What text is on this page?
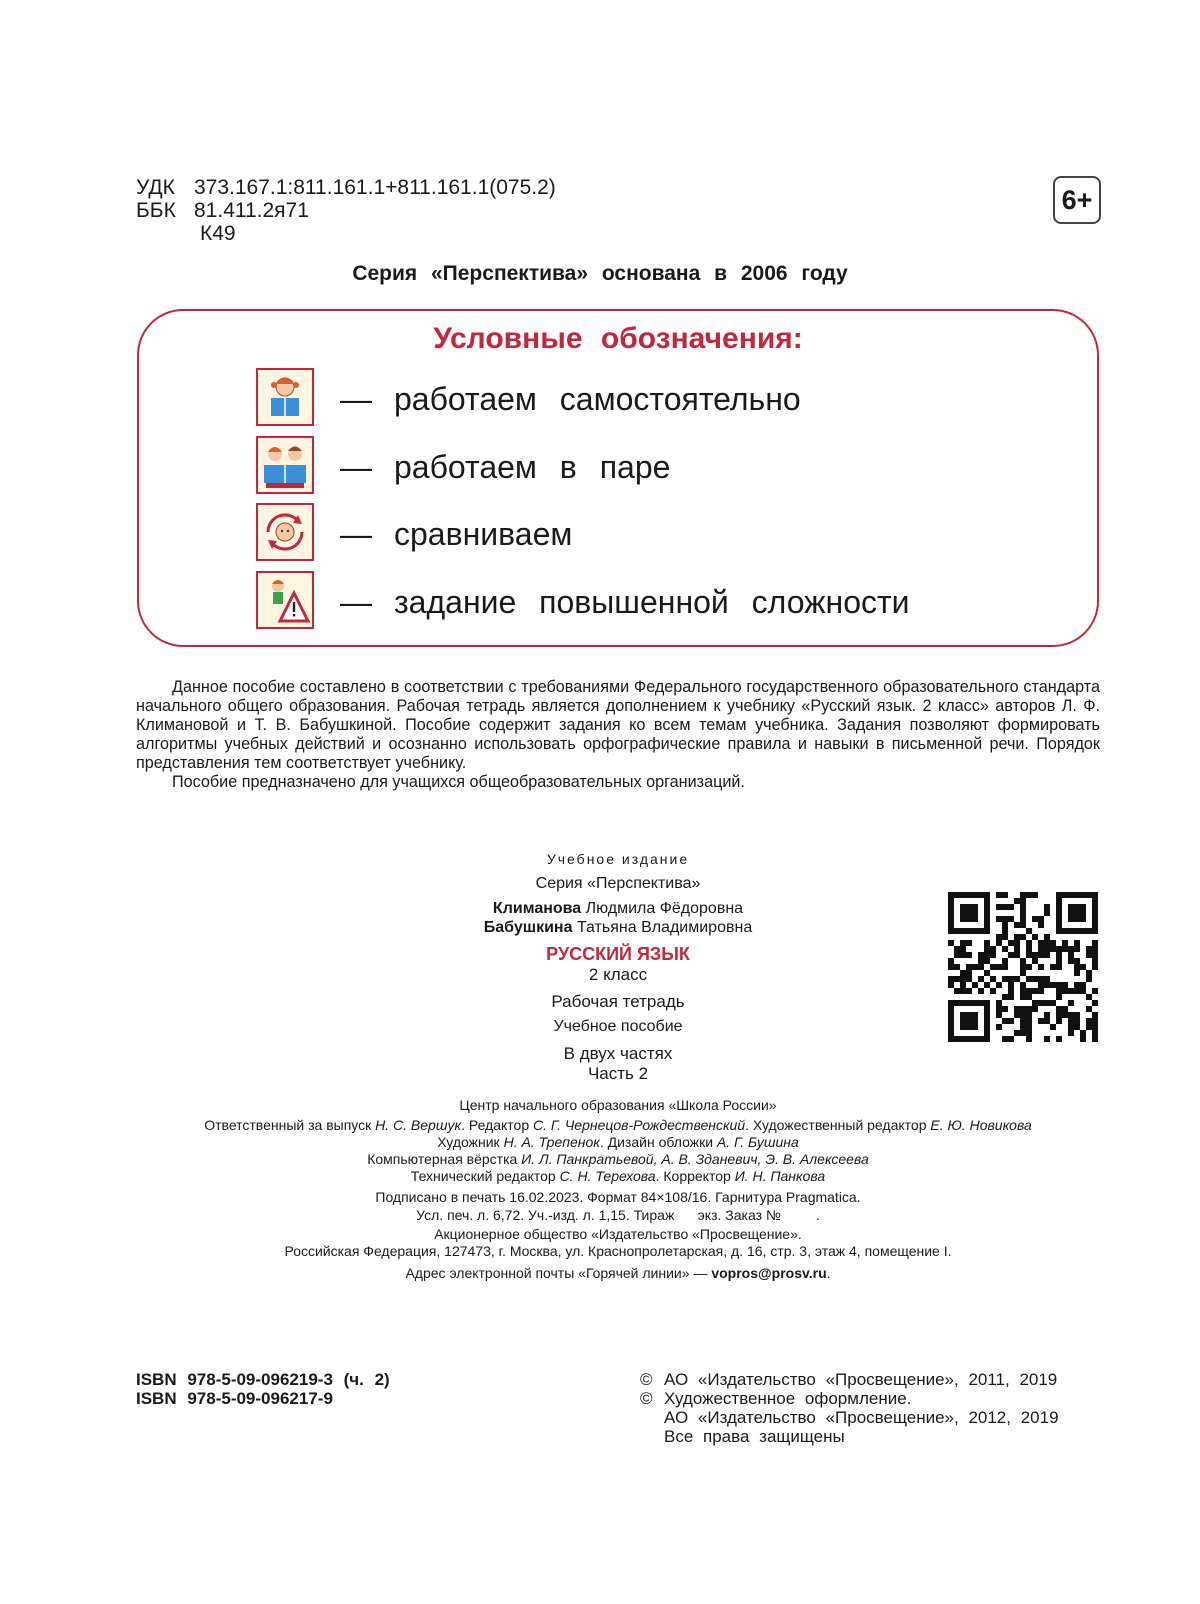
УДК 373.167.1:811.161.1+811.161.1(075.2)
ББК 81.411.2я71
К49
6+
Серия «Перспектива» основана в 2006 году
Условные обозначения:
— работаем самостоятельно
— работаем в паре
— сравниваем
— задание повышенной сложности

Данное пособие составлено в соответствии с требованиями Федерального государственного образовательного стандарта начального общего образования. Рабочая тетрадь является дополнением к учебнику «Русский язык. 2 класс» авторов Л. Ф. Климановой и Т. В. Бабушкиной. Пособие содержит задания ко всем темам учебника. Задания позволяют формировать алгоритмы учебных действий и осознанно использовать орфографические правила и навыки в письменной речи. Порядок представления тем соответствует учебнику.

Пособие предназначено для учащихся общеобразовательных организаций.

Учебное издание
Серия «Перспектива»
Климанова Людмила Фёдоровна
Бабушкина Татьяна Владимировна
РУССКИЙ ЯЗЫК
2 класс
Рабочая тетрадь
Учебное пособие
В двух частях
Часть 2
Центр начального образования «Школа России»
Ответственный за выпуск Н. С. Вершук. Редактор С. Г. Чернецов-Рождественский. Художественный редактор Е. Ю. Новикова
Художник Н. А. Трепенок. Дизайн обложки А. Г. Бушина
Компьютерная вёрстка И. Л. Панкратьевой, А. В. Зданевич, Э. В. Алексеева
Технический редактор С. Н. Терехова. Корректор И. Н. Панкова
Подписано в печать 16.02.2023. Формат 84×108/16. Гарнитура Pragmatica.
Усл. печ. л. 6,72. Уч.-изд. л. 1,15. Тираж      экз. Заказ №         .
Акционерное общество «Издательство «Просвещение».
Российская Федерация, 127473, г. Москва, ул. Краснопролетарская, д. 16, стр. 3, этаж 4, помещение I.
Адрес электронной почты «Горячей линии» — vopros@prosv.ru.
ISBN 978-5-09-096219-3 (ч. 2)
ISBN 978-5-09-096217-9
© АО «Издательство «Просвещение», 2011, 2019
© Художественное оформление.
АО «Издательство «Просвещение», 2012, 2019
Все права защищены
